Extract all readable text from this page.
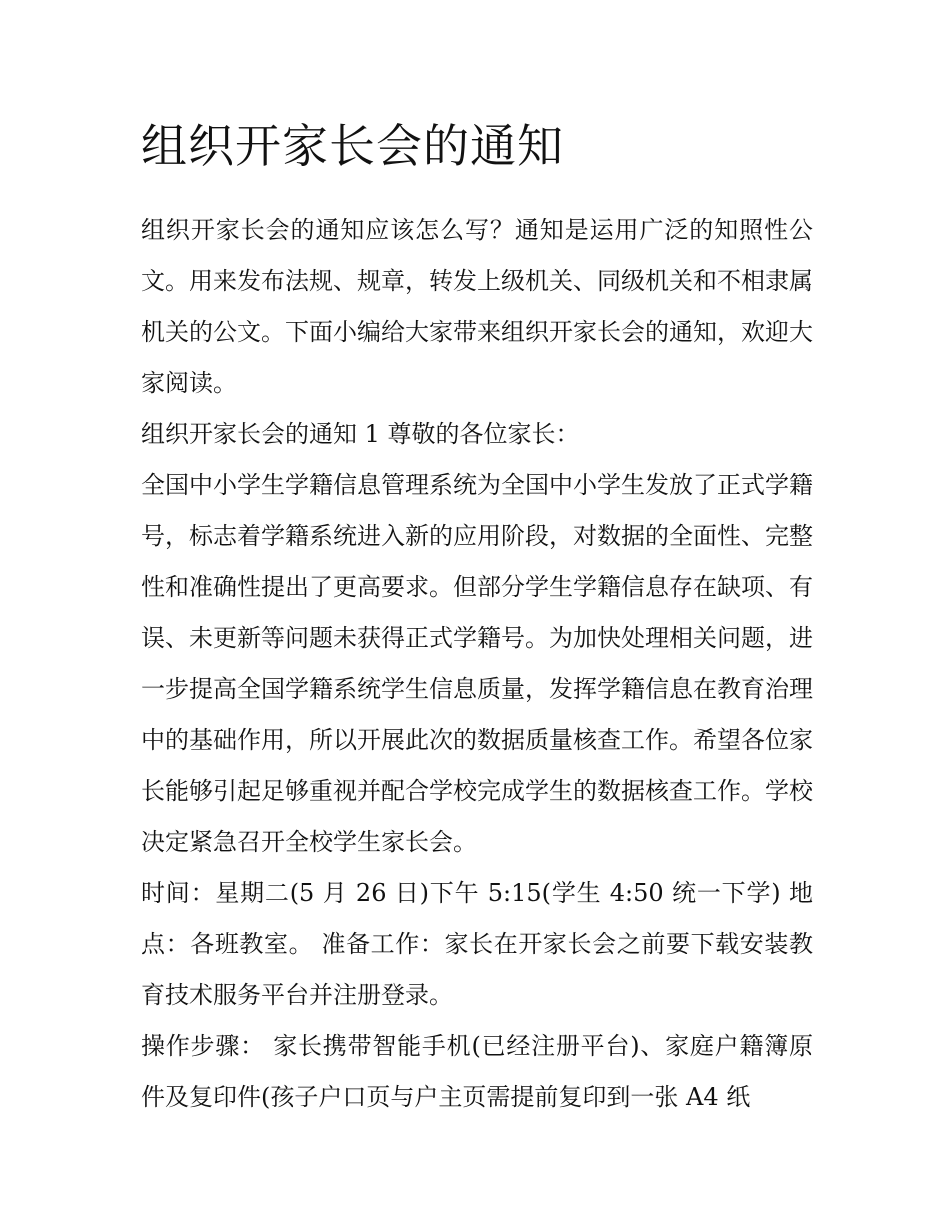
组织开家长会的通知

组织开家长会的通知应该怎么写？通知是运用广泛的知照性公文。用来发布法规、规章，转发上级机关、同级机关和不相隶属机关的公文。下面小编给大家带来组织开家长会的通知，欢迎大家阅读。

组织开家长会的通知 1 尊敬的各位家长：

全国中小学生学籍信息管理系统为全国中小学生发放了正式学籍号，标志着学籍系统进入新的应用阶段，对数据的全面性、完整性和准确性提出了更高要求。但部分学生学籍信息存在缺项、有误、未更新等问题未获得正式学籍号。为加快处理相关问题，进一步提高全国学籍系统学生信息质量，发挥学籍信息在教育治理中的基础作用，所以开展此次的数据质量核查工作。希望各位家长能够引起足够重视并配合学校完成学生的数据核查工作。学校决定紧急召开全校学生家长会。

时间：星期二(5 月 26 日)下午 5:15(学生 4:50 统一下学) 地点：各班教室。 准备工作：家长在开家长会之前要下载安装教育技术服务平台并注册登录。

操作步骤： 家长携带智能手机(已经注册平台)、家庭户籍簿原件及复印件(孩子户口页与户主页需提前复印到一张 A4 纸
